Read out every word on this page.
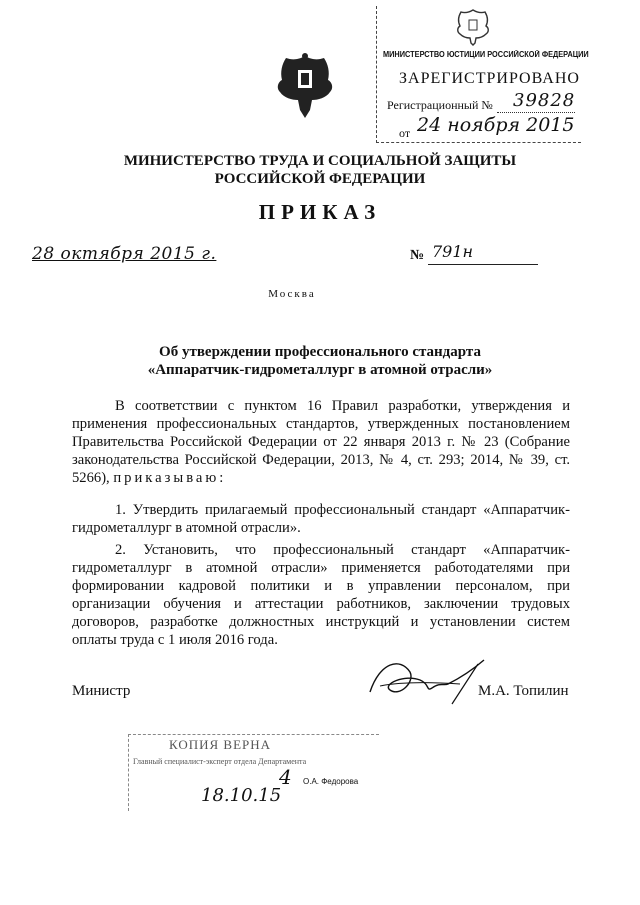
МИНИСТЕРСТВО ЮСТИЦИИ РОССИЙСКОЙ ФЕДЕРАЦИИ
ЗАРЕГИСТРИРОВАНО
Регистрационный № 39828
от 24 ноября 2015
МИНИСТЕРСТВО ТРУДА И СОЦИАЛЬНОЙ ЗАЩИТЫ
РОССИЙСКОЙ ФЕДЕРАЦИИ
ПРИКАЗ
28 октября 2015 г.	№ 791н
Москва
Об утверждении профессионального стандарта
«Аппаратчик-гидрометаллург в атомной отрасли»
В соответствии с пунктом 16 Правил разработки, утверждения и применения профессиональных стандартов, утвержденных постановлением Правительства Российской Федерации от 22 января 2013 г. № 23 (Собрание законодательства Российской Федерации, 2013, № 4, ст. 293; 2014, № 39, ст. 5266), приказываю:
1. Утвердить прилагаемый профессиональный стандарт «Аппаратчик-гидрометаллург в атомной отрасли».
2. Установить, что профессиональный стандарт «Аппаратчик-гидрометаллург в атомной отрасли» применяется работодателями при формировании кадровой политики и в управлении персоналом, при организации обучения и аттестации работников, заключении трудовых договоров, разработке должностных инструкций и установлении систем оплаты труда с 1 июля 2016 года.
Министр	М.А. Топилин
КОПИЯ ВЕРНА
Главный специалист-эксперт отдела Департамента
4 О.А. Федорова
18.10.15
